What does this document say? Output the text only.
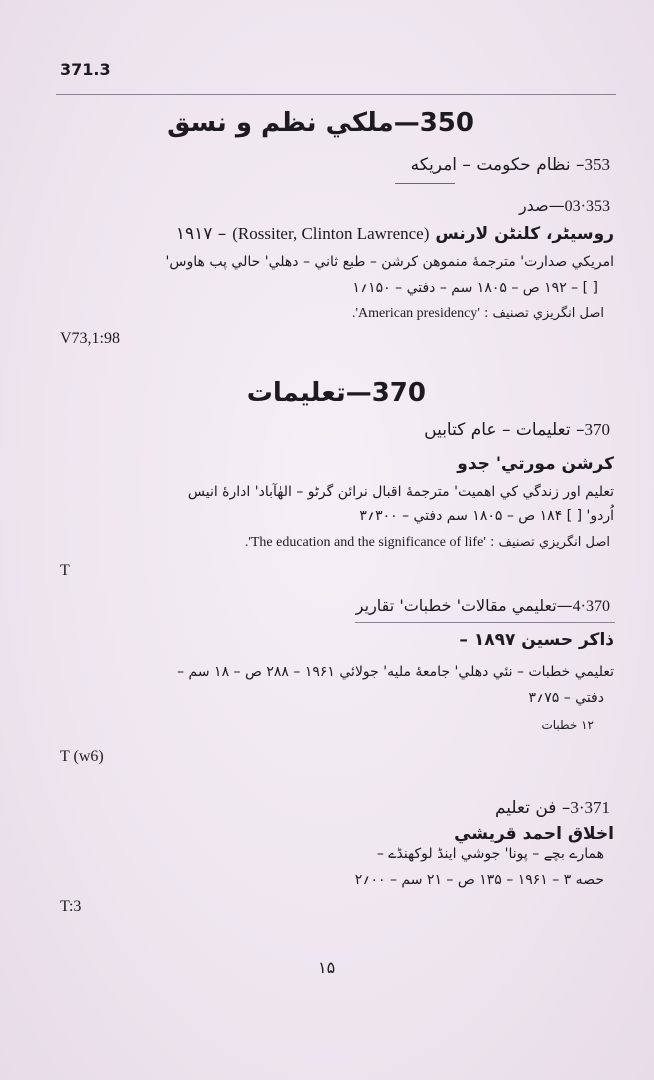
371.3
350—ملکي نظم و نسق
353– نظام حکومت – امریکه
353·03—صدر
روسيٹر، کلنٹن لارنس (Rossiter, Clinton Lawrence) – ۱۹۱۷
امریکي صدارت' مترجمۀ منموهن کرشن – طبع ثاني – دهلي' حالي پب هاوس'
[ ] – ۱۹۲ ص – ۱۸۰۵ سم – دفتي – ۱۵۰؍۱
اصل انگریزي تصنیف : 'American presidency'.
V73,1:98
370—تعلیمات
370– تعلیمات – عام کتابیں
کرشن مورتي' جدو
تعلیم اور زندگي کي اهمیت' مترجمۀ اقبال نرائن گرٹو – الهٰآباد' ادارۀ انیس
اُردو' [ ] ۱۸۴ ص – ۱۸۰۵ سم دفتي – ۳۰۰؍۳
اصل انگریزي تصنیف : 'The education and the significance of life'.
T
370·4—تعلیمي مقالات' خطبات' تقاریر
ذاکر حسین ۱۸۹۷ –
تعلیمي خطبات – نئي دهلي' جامعۀ ملیه' جولائي ۱۹۶۱ – ۲۸۸ ص – ۱۸ سم –
دفتي – ۷۵؍۳
۱۲ خطبات
T (w6)
371·3– فن تعلیم
اخلاق احمد قریشي
همارے بچے – پونا' جوشي اینڈ لوکھنڈے –
حصه ۳ – ۱۹۶۱ – ۱۳۵ ص – ۲۱ سم – ۰۰؍۲
T:3
۱۵
